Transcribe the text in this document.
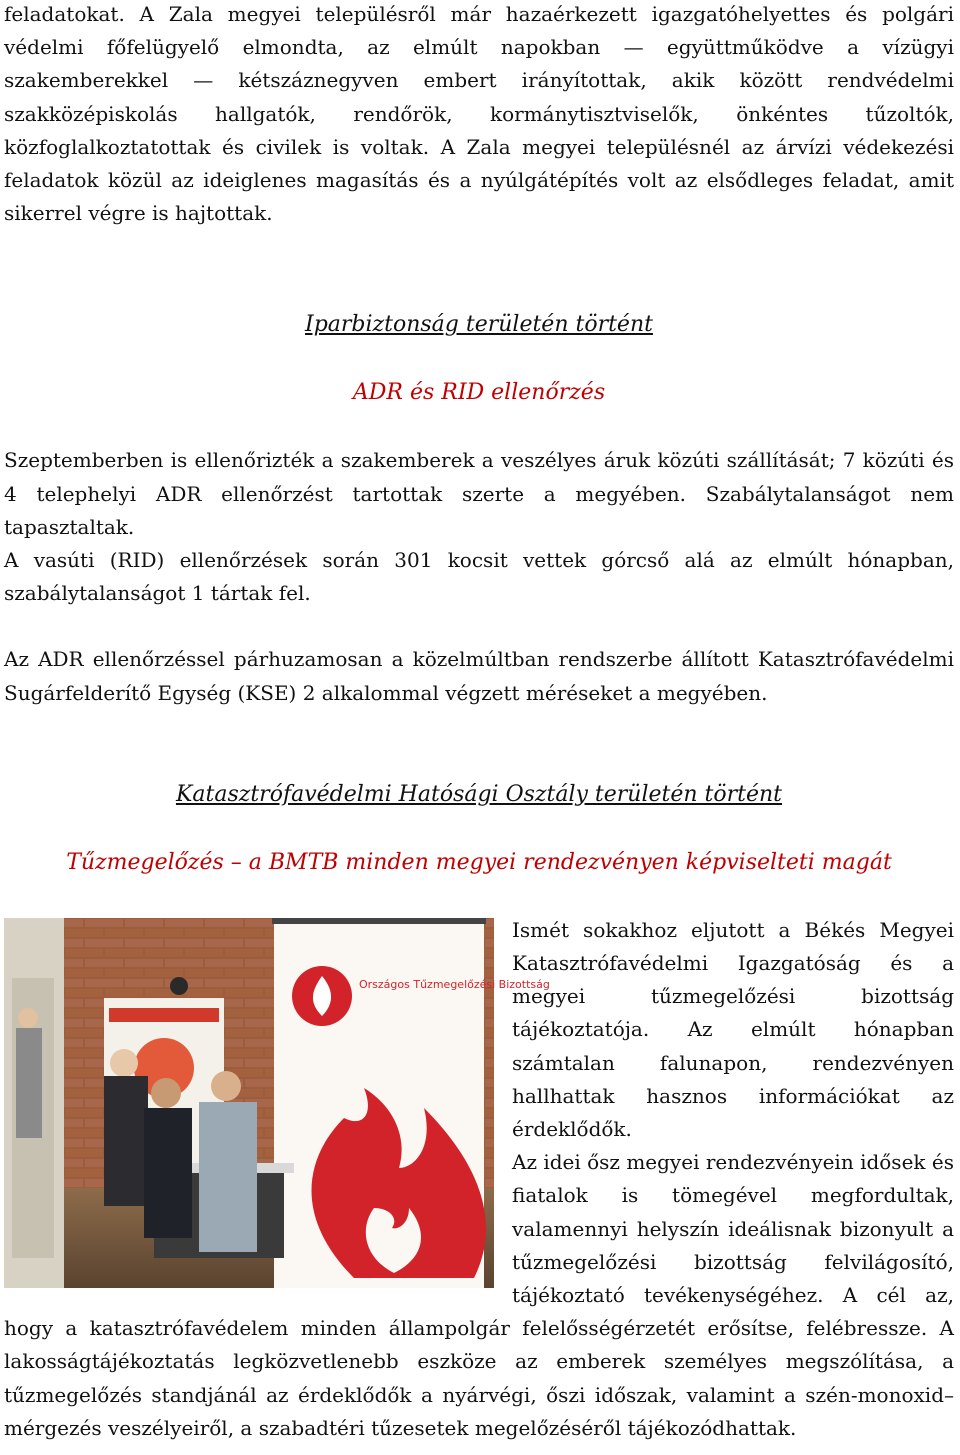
feladatokat. A Zala megyei településről már hazaérkezett igazgatóhelyettes és polgári védelmi főfelügyelő elmondta, az elmúlt napokban — együttműködve a vízügyi szakemberekkel — kétszáznegyven embert irányítottak, akik között rendvédelmi szakközépiskolás hallgatók, rendőrök, kormánytisztviselők, önkéntes tűzoltók, közfoglalkoztatottak és civilek is voltak. A Zala megyei településnél az árvízi védekezési feladatok közül az ideiglenes magasítás és a nyúlgátépítés volt az elsődleges feladat, amit sikerrel végre is hajtottak.

Iparbiztonság területén történt
ADR és RID ellenőrzés

Szeptemberben is ellenőrizték a szakemberek a veszélyes áruk közúti szállítását; 7 közúti és 4 telephelyi ADR ellenőrzést tartottak szerte a megyében. Szabálytalanságot nem tapasztaltak.

A vasúti (RID) ellenőrzések során 301 kocsit vettek górcső alá az elmúlt hónapban, szabálytalanságot 1 tártak fel.

Az ADR ellenőrzéssel párhuzamosan a közelmúltban rendszerbe állított Katasztrófavédelmi Sugárfelderítő Egység (KSE) 2 alkalommal végzett méréseket a megyében.

Katasztrófavédelmi Hatósági Osztály területén történt
Tűzmegelőzés – a BMTB minden megyei rendezvényen képviselteti magát
Országos Tűzmegelőzési Bizottság

Ismét sokakhoz eljutott a Békés Megyei Katasztrófavédelmi Igazgatóság és a megyei tűzmegelőzési bizottság tájékoztatója. Az elmúlt hónapban számtalan falunapon, rendezvényen hallhattak hasznos információkat az érdeklődők.

Az idei ősz megyei rendezvényein idősek és fiatalok is tömegével megfordultak, valamennyi helyszín ideálisnak bizonyult a tűzmegelőzési bizottság felvilágosító, tájékoztató tevékenységéhez. A cél az, hogy a katasztrófavédelem minden állampolgár felelősségérzetét erősítse, felébressze. A lakosságtájékoztatás legközvetlenebb eszköze az emberek személyes megszólítása, a tűzmegelőzés standjánál az érdeklődők a nyárvégi, őszi időszak, valamint a szén-monoxid–mérgezés veszélyeiről, a szabadtéri tűzesetek megelőzéséről tájékozódhattak.
